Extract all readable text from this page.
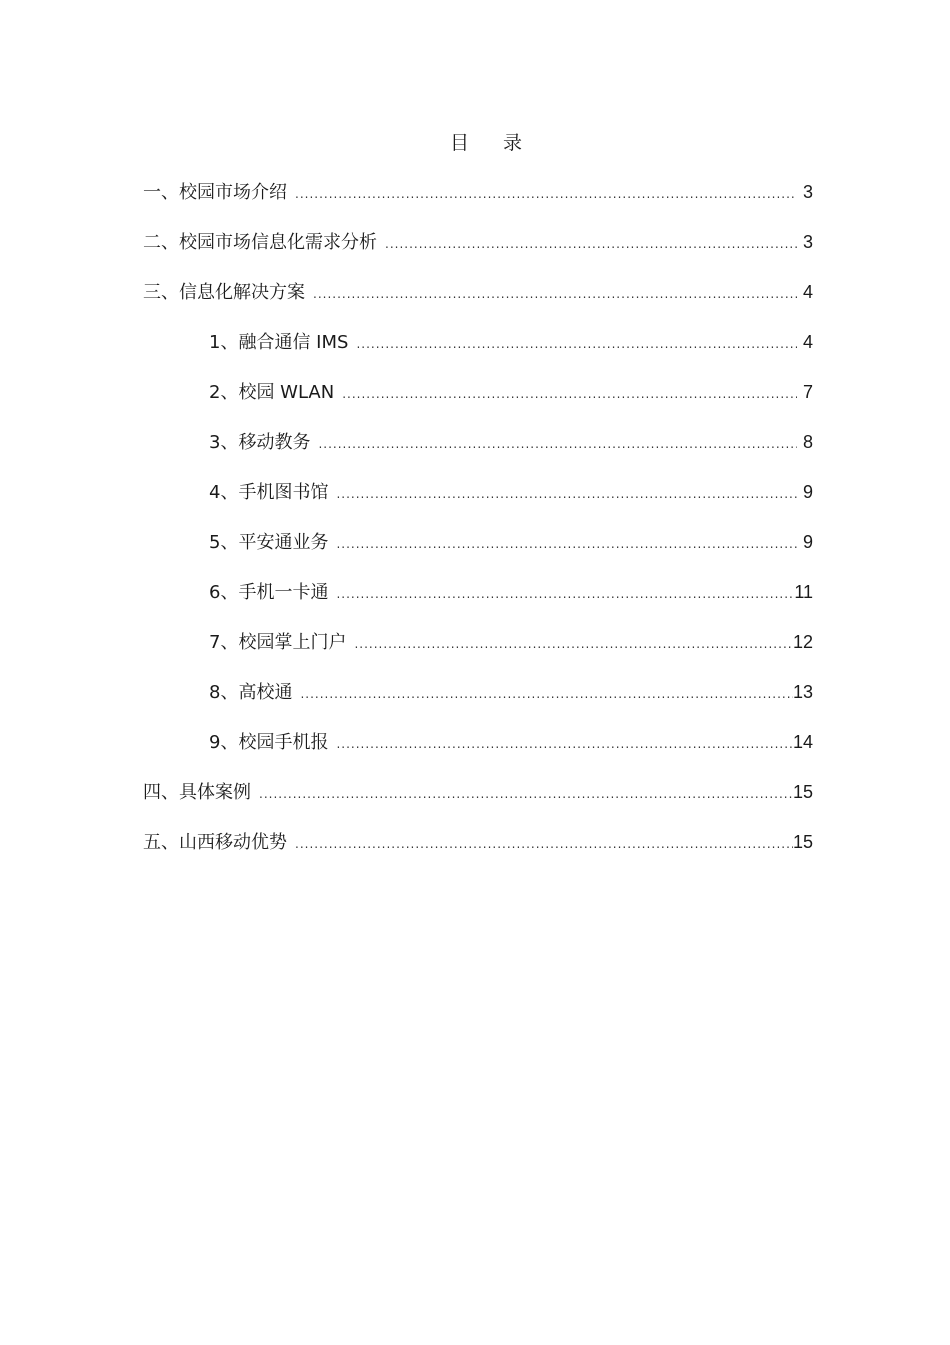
目 录
一、校园市场介绍 .....	3
二、校园市场信息化需求分析 .....	3
三、信息化解决方案 .....	4
1、融合通信 IMS .....	4
2、校园 WLAN .....	7
3、移动教务 .....	8
4、手机图书馆 .....	9
5、平安通业务 .....	9
6、手机一卡通 .....	11
7、校园掌上门户 .....	12
8、高校通 .....	13
9、校园手机报 .....	14
四、具体案例 .....	15
五、山西移动优势 .....	15
